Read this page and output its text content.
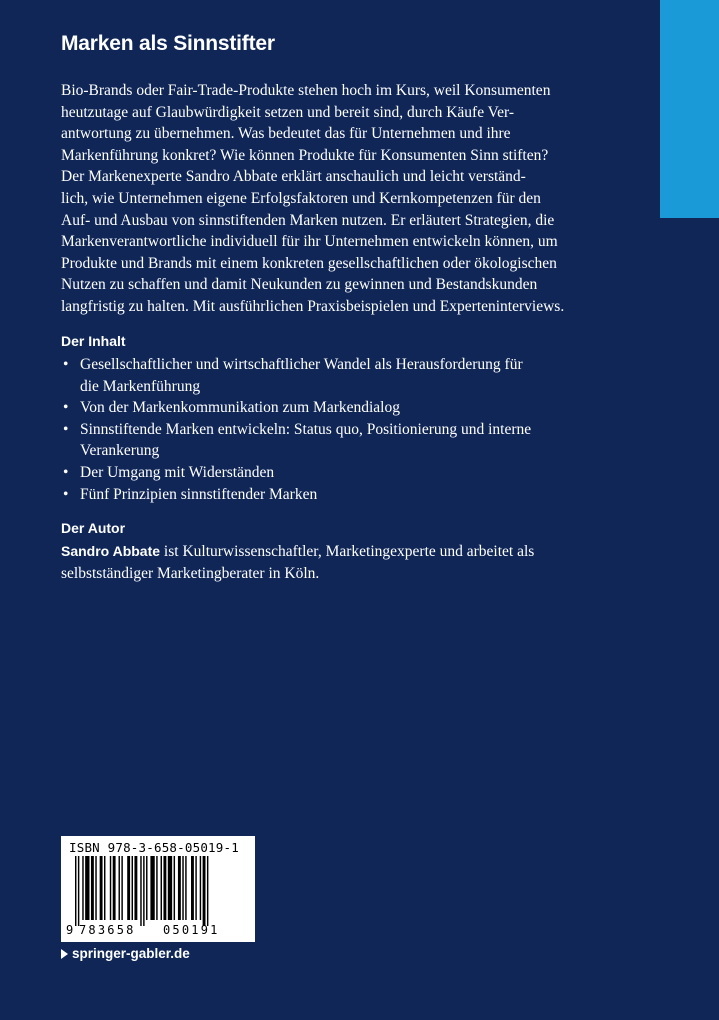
Marken als Sinnstifter

Bio-Brands oder Fair-Trade-Produkte stehen hoch im Kurs, weil Konsumenten
heutzutage auf Glaubwürdigkeit setzen und bereit sind, durch Käufe Ver-
antwortung zu übernehmen. Was bedeutet das für Unternehmen und ihre
Markenführung konkret? Wie können Produkte für Konsumenten Sinn stiften?
Der Markenexperte Sandro Abbate erklärt anschaulich und leicht verständ-
lich, wie Unternehmen eigene Erfolgsfaktoren und Kernkompetenzen für den
Auf- und Ausbau von sinnstiftenden Marken nutzen. Er erläutert Strategien, die
Markenverantwortliche individuell für ihr Unternehmen entwickeln können, um
Produkte und Brands mit einem konkreten gesellschaftlichen oder ökologischen
Nutzen zu schaffen und damit Neukunden zu gewinnen und Bestandskunden
langfristig zu halten. Mit ausführlichen Praxisbeispielen und Experteninterviews.

Der Inhalt
• Gesellschaftlicher und wirtschaftlicher Wandel als Herausforderung für
die Markenführung
• Von der Markenkommunikation zum Markendialog
• Sinnstiftende Marken entwickeln: Status quo, Positionierung und interne
Verankerung
• Der Umgang mit Widerständen
• Fünf Prinzipien sinnstiftender Marken
Der Autor

Sandro Abbate ist Kulturwissenschaftler, Marketingexperte und arbeitet als
selbstständiger Marketingberater in Köln.

ISBN 978-3-658-05019-1
9 783658	050191
springer-gabler.de
